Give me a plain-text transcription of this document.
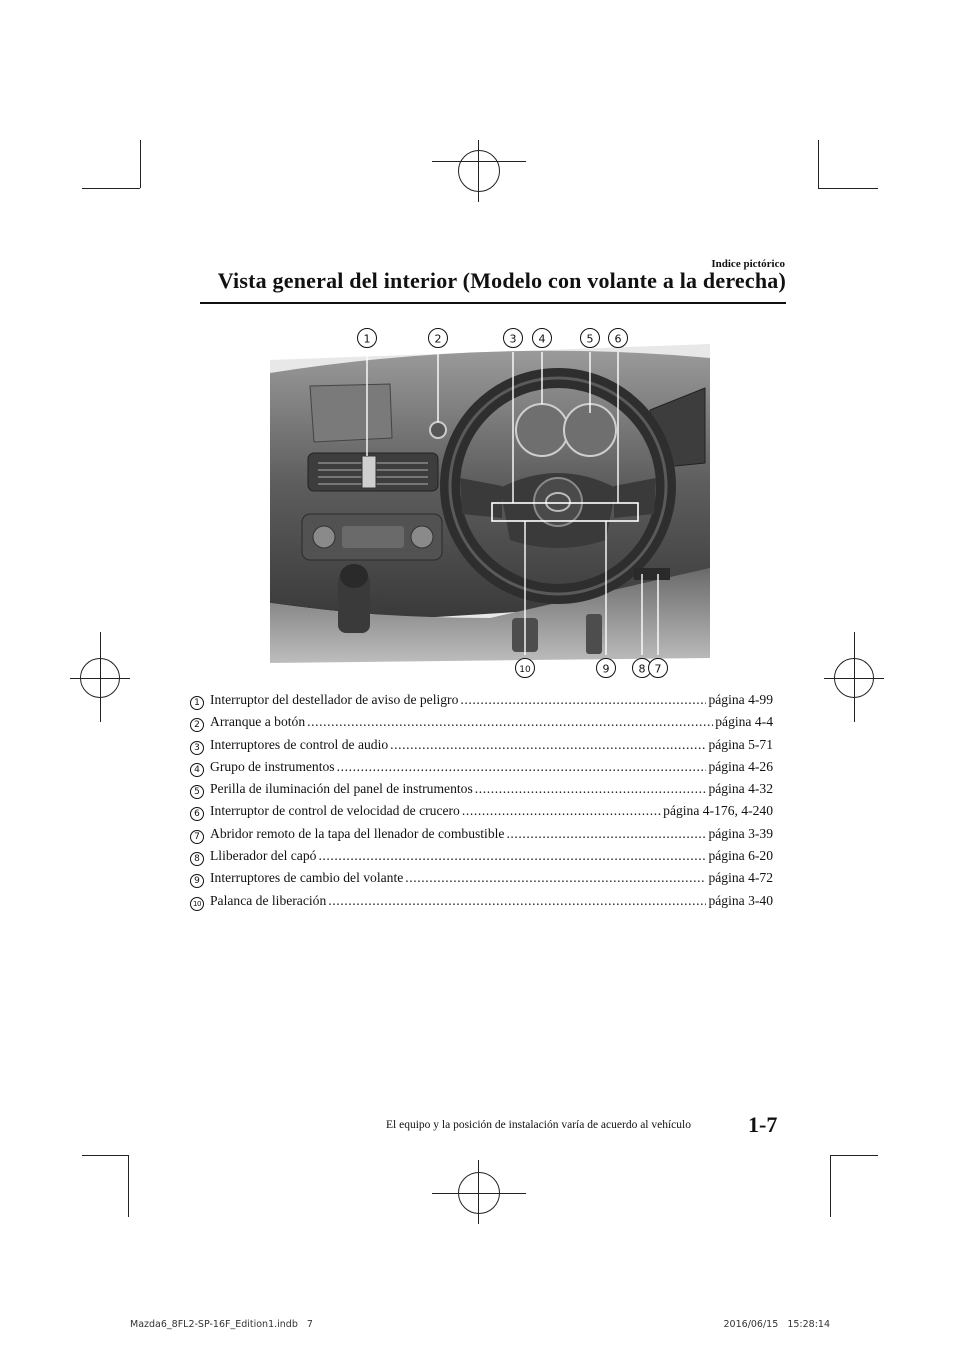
Indice pictórico
Vista general del interior (Modelo con volante a la derecha)
1	2	3 4	5 6
10	9	8 7
1 Interruptor del destellador de aviso de peligro .....	página 4-99
2 Arranque a botón .....	página 4-4
3 Interruptores de control de audio .....	página 5-71
4 Grupo de instrumentos .....	página 4-26
5 Perilla de iluminación del panel de instrumentos .....	página 4-32
6 Interruptor de control de velocidad de crucero .....	página 4-176, 4-240
7 Abridor remoto de la tapa del llenador de combustible .....	página 3-39
8 Lliberador del capó .....	página 6-20
9 Interruptores de cambio del volante .....	página 4-72
10 Palanca de liberación .....	página 3-40
El equipo y la posición de instalación varía de acuerdo al vehículo	1-7
Mazda6_8FL2-SP-16F_Edition1.indb   7	2016/06/15   15:28:14
